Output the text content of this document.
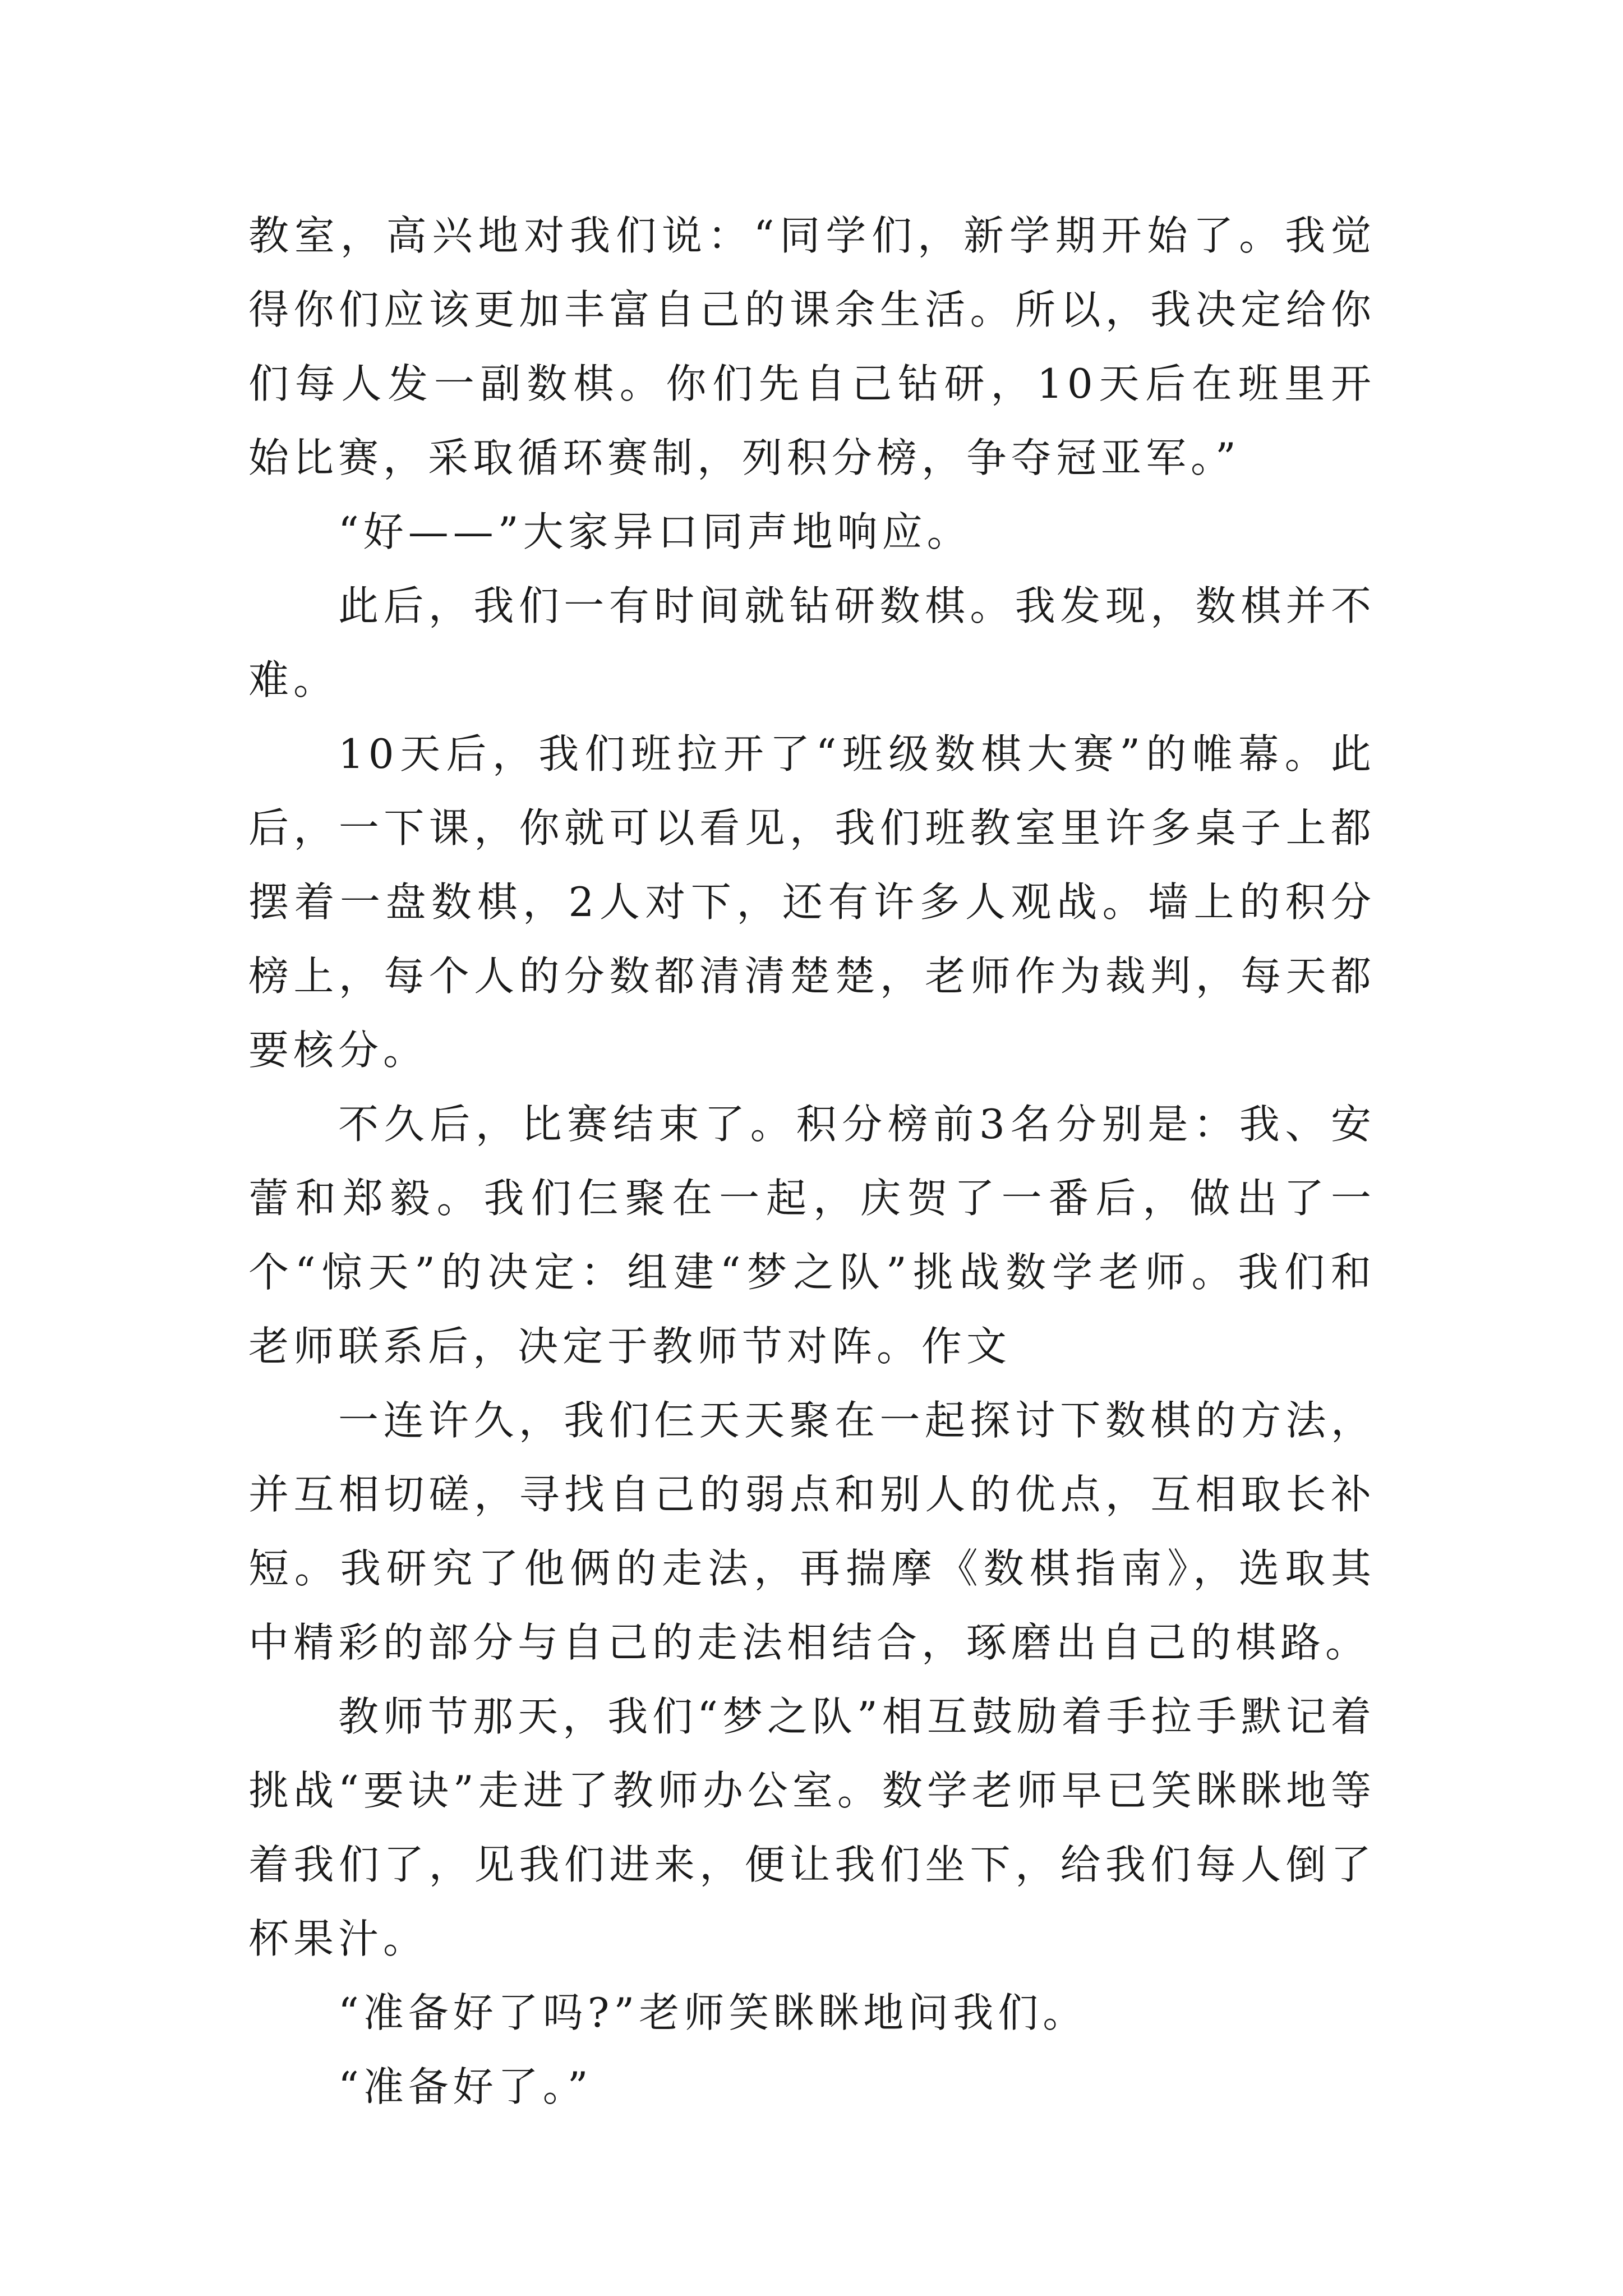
教室，高兴地对我们说：“同学们，新学期开始了。我觉得你们应该更加丰富自己的课余生活。所以，我决定给你们每人发一副数棋。你们先自己钻研，10天后在班里开始比赛，采取循环赛制，列积分榜，争夺冠亚军。”

“好——”大家异口同声地响应。

此后，我们一有时间就钻研数棋。我发现，数棋并不难。

10天后，我们班拉开了“班级数棋大赛”的帷幕。此后，一下课，你就可以看见，我们班教室里许多桌子上都摆着一盘数棋，2人对下，还有许多人观战。墙上的积分榜上，每个人的分数都清清楚楚，老师作为裁判，每天都要核分。

不久后，比赛结束了。积分榜前3名分别是：我、安蕾和郑毅。我们仨聚在一起，庆贺了一番后，做出了一个“惊天”的决定：组建“梦之队”挑战数学老师。我们和老师联系后，决定于教师节对阵。作文

一连许久，我们仨天天聚在一起探讨下数棋的方法，并互相切磋，寻找自己的弱点和别人的优点，互相取长补短。我研究了他俩的走法，再揣摩《数棋指南》，选取其中精彩的部分与自己的走法相结合，琢磨出自己的棋路。

教师节那天，我们“梦之队”相互鼓励着手拉手默记着挑战“要诀”走进了教师办公室。数学老师早已笑眯眯地等着我们了，见我们进来，便让我们坐下，给我们每人倒了杯果汁。

“准备好了吗?”老师笑眯眯地问我们。

“准备好了。”
